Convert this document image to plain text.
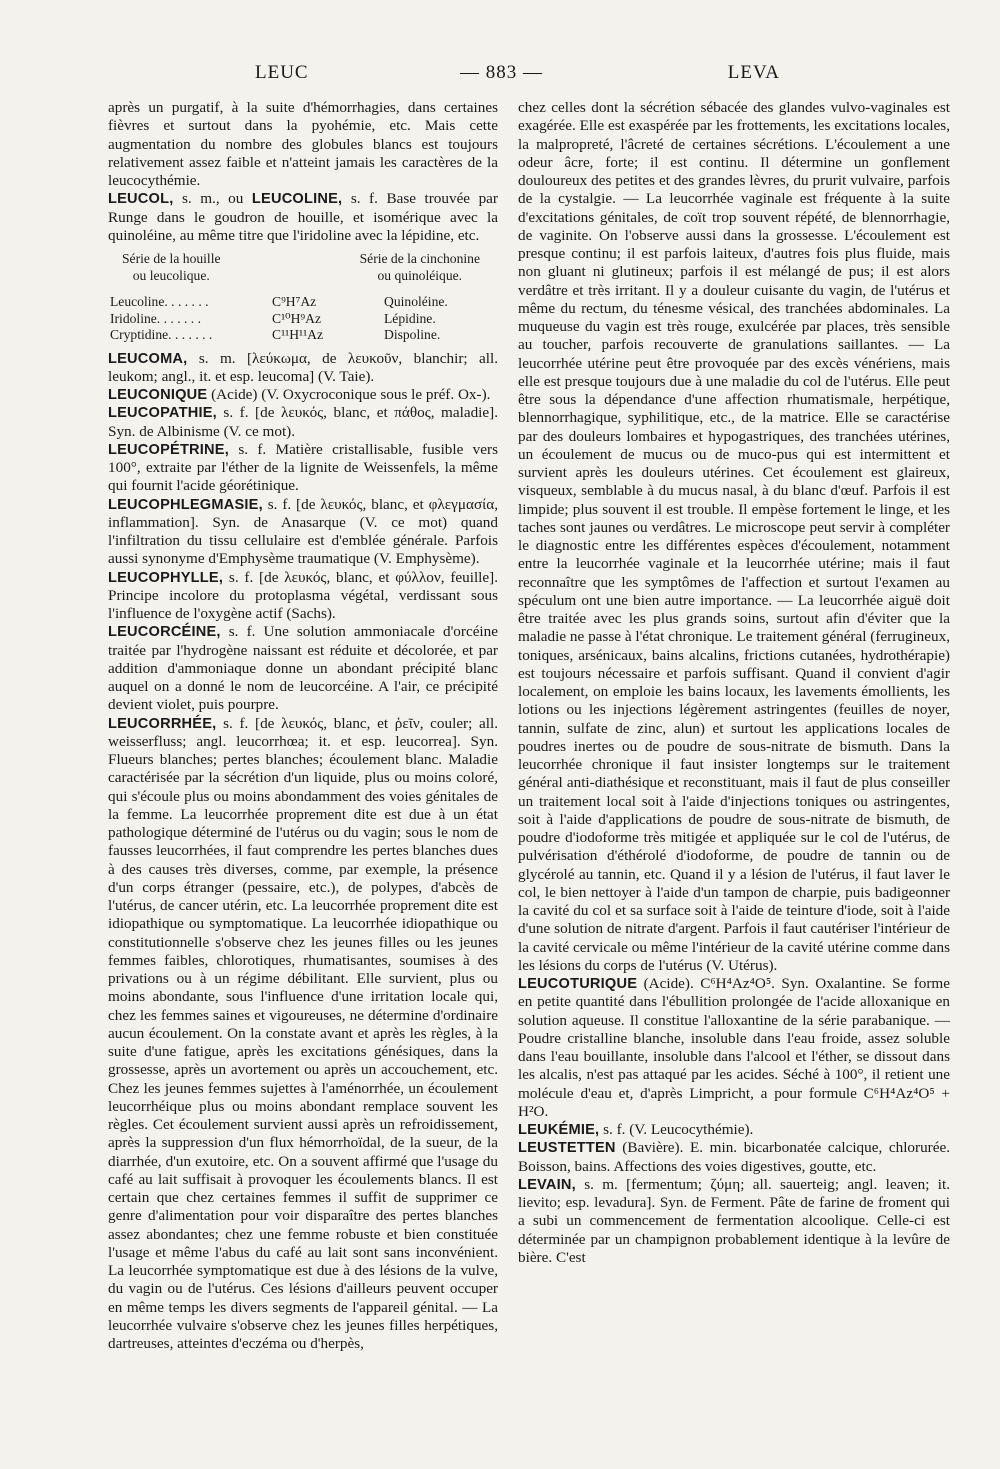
LEUC	— 883 —	LEVA

après un purgatif, à la suite d'hémorrhagies, dans certaines fièvres et surtout dans la pyohémie, etc. Mais cette augmentation du nombre des globules blancs est toujours relativement assez faible et n'atteint jamais les caractères de la leucocythémie.

LEUCOL, s. m., ou LEUCOLINE, s. f. Base trouvée par Runge dans le goudron de houille, et isomérique avec la quinoléine, au même titre que l'iridoline avec la lépidine, etc.

Série de la houille
ou leucolique.
Série de la cinchonine
ou quinoléique.
Leucoline. . . . . . .	C⁹H⁷Az	Quinoléine.
Iridoline. . . . . . .	C¹⁰H⁹Az	Lépidine.
Cryptidine. . . . . . .	C¹¹H¹¹Az	Dispoline.

LEUCOMA, s. m. [λεύκωμα, de λευκοῦν, blanchir; all. leukom; angl., it. et esp. leucoma] (V. Taie).

LEUCONIQUE (Acide) (V. Oxycroconique sous le préf. Ox-).

LEUCOPATHIE, s. f. [de λευκός, blanc, et πάθος, maladie]. Syn. de Albinisme (V. ce mot).

LEUCOPÉTRINE, s. f. Matière cristallisable, fusible vers 100°, extraite par l'éther de la lignite de Weissenfels, la même qui fournit l'acide géorétinique.

LEUCOPHLEGMASIE, s. f. [de λευκός, blanc, et φλεγμασία, inflammation]. Syn. de Anasarque (V. ce mot) quand l'infiltration du tissu cellulaire est d'emblée générale. Parfois aussi synonyme d'Emphysème traumatique (V. Emphysème).

LEUCOPHYLLE, s. f. [de λευκός, blanc, et φύλλον, feuille]. Principe incolore du protoplasma végétal, verdissant sous l'influence de l'oxygène actif (Sachs).

LEUCORCÉINE, s. f. Une solution ammoniacale d'orcéine traitée par l'hydrogène naissant est réduite et décolorée, et par addition d'ammoniaque donne un abondant précipité blanc auquel on a donné le nom de leucorcéine. A l'air, ce précipité devient violet, puis pourpre.

LEUCORRHÉE, s. f. [de λευκός, blanc, et ῥεῖν, couler; all. weisserfluss; angl. leucorrhœa; it. et esp. leucorrea]. Syn. Flueurs blanches; pertes blanches; écoulement blanc. Maladie caractérisée par la sécrétion d'un liquide, plus ou moins coloré, qui s'écoule plus ou moins abondamment des voies génitales de la femme. La leucorrhée proprement dite est due à un état pathologique déterminé de l'utérus ou du vagin; sous le nom de fausses leucorrhées, il faut comprendre les pertes blanches dues à des causes très diverses, comme, par exemple, la présence d'un corps étranger (pessaire, etc.), de polypes, d'abcès de l'utérus, de cancer utérin, etc. La leucorrhée proprement dite est idiopathique ou symptomatique. La leucorrhée idiopathique ou constitutionnelle s'observe chez les jeunes filles ou les jeunes femmes faibles, chlorotiques, rhumatisantes, soumises à des privations ou à un régime débilitant. Elle survient, plus ou moins abondante, sous l'influence d'une irritation locale qui, chez les femmes saines et vigoureuses, ne détermine d'ordinaire aucun écoulement. On la constate avant et après les règles, à la suite d'une fatigue, après les excitations génésiques, dans la grossesse, après un avortement ou après un accouchement, etc. Chez les jeunes femmes sujettes à l'aménorrhée, un écoulement leucorrhéique plus ou moins abondant remplace souvent les règles. Cet écoulement survient aussi après un refroidissement, après la suppression d'un flux hémorrhoïdal, de la sueur, de la diarrhée, d'un exutoire, etc. On a souvent affirmé que l'usage du café au lait suffisait à provoquer les écoulements blancs. Il est certain que chez certaines femmes il suffit de supprimer ce genre d'alimentation pour voir disparaître des pertes blanches assez abondantes; chez une femme robuste et bien constituée l'usage et même l'abus du café au lait sont sans inconvénient. La leucorrhée symptomatique est due à des lésions de la vulve, du vagin ou de l'utérus. Ces lésions d'ailleurs peuvent occuper en même temps les divers segments de l'appareil génital. — La leucorrhée vulvaire s'observe chez les jeunes filles herpétiques, dartreuses, atteintes d'eczéma ou d'herpès,

chez celles dont la sécrétion sébacée des glandes vulvo-vaginales est exagérée. Elle est exaspérée par les frottements, les excitations locales, la malpropreté, l'âcreté de certaines sécrétions. L'écoulement a une odeur âcre, forte; il est continu. Il détermine un gonflement douloureux des petites et des grandes lèvres, du prurit vulvaire, parfois de la cystalgie. — La leucorrhée vaginale est fréquente à la suite d'excitations génitales, de coït trop souvent répété, de blennorrhagie, de vaginite. On l'observe aussi dans la grossesse. L'écoulement est presque continu; il est parfois laiteux, d'autres fois plus fluide, mais non gluant ni glutineux; parfois il est mélangé de pus; il est alors verdâtre et très irritant. Il y a douleur cuisante du vagin, de l'utérus et même du rectum, du ténesme vésical, des tranchées abdominales. La muqueuse du vagin est très rouge, exulcérée par places, très sensible au toucher, parfois recouverte de granulations saillantes. — La leucorrhée utérine peut être provoquée par des excès vénériens, mais elle est presque toujours due à une maladie du col de l'utérus. Elle peut être sous la dépendance d'une affection rhumatismale, herpétique, blennorrhagique, syphilitique, etc., de la matrice. Elle se caractérise par des douleurs lombaires et hypogastriques, des tranchées utérines, un écoulement de mucus ou de muco-pus qui est intermittent et survient après les douleurs utérines. Cet écoulement est glaireux, visqueux, semblable à du mucus nasal, à du blanc d'œuf. Parfois il est limpide; plus souvent il est trouble. Il empèse fortement le linge, et les taches sont jaunes ou verdâtres. Le microscope peut servir à compléter le diagnostic entre les différentes espèces d'écoulement, notamment entre la leucorrhée vaginale et la leucorrhée utérine; mais il faut reconnaître que les symptômes de l'affection et surtout l'examen au spéculum ont une bien autre importance. — La leucorrhée aiguë doit être traitée avec les plus grands soins, surtout afin d'éviter que la maladie ne passe à l'état chronique. Le traitement général (ferrugineux, toniques, arsénicaux, bains alcalins, frictions cutanées, hydrothérapie) est toujours nécessaire et parfois suffisant. Quand il convient d'agir localement, on emploie les bains locaux, les lavements émollients, les lotions ou les injections légèrement astringentes (feuilles de noyer, tannin, sulfate de zinc, alun) et surtout les applications locales de poudres inertes ou de poudre de sous-nitrate de bismuth. Dans la leucorrhée chronique il faut insister longtemps sur le traitement général anti-diathésique et reconstituant, mais il faut de plus conseiller un traitement local soit à l'aide d'injections toniques ou astringentes, soit à l'aide d'applications de poudre de sous-nitrate de bismuth, de poudre d'iodoforme très mitigée et appliquée sur le col de l'utérus, de pulvérisation d'éthérolé d'iodoforme, de poudre de tannin ou de glycérolé au tannin, etc. Quand il y a lésion de l'utérus, il faut laver le col, le bien nettoyer à l'aide d'un tampon de charpie, puis badigeonner la cavité du col et sa surface soit à l'aide de teinture d'iode, soit à l'aide d'une solution de nitrate d'argent. Parfois il faut cautériser l'intérieur de la cavité cervicale ou même l'intérieur de la cavité utérine comme dans les lésions du corps de l'utérus (V. Utérus).

LEUCOTURIQUE (Acide). C⁶H⁴Az⁴O⁵. Syn. Oxalantine. Se forme en petite quantité dans l'ébullition prolongée de l'acide alloxanique en solution aqueuse. Il constitue l'alloxantine de la série parabanique. — Poudre cristalline blanche, insoluble dans l'eau froide, assez soluble dans l'eau bouillante, insoluble dans l'alcool et l'éther, se dissout dans les alcalis, n'est pas attaqué par les acides. Séché à 100°, il retient une molécule d'eau et, d'après Limpricht, a pour formule C⁶H⁴Az⁴O⁵ + H²O.

LEUKÉMIE, s. f. (V. Leucocythémie).

LEUSTETTEN (Bavière). E. min. bicarbonatée calcique, chlorurée. Boisson, bains. Affections des voies digestives, goutte, etc.

LEVAIN, s. m. [fermentum; ζύμη; all. sauerteig; angl. leaven; it. lievito; esp. levadura]. Syn. de Ferment. Pâte de farine de froment qui a subi un commencement de fermentation alcoolique. Celle-ci est déterminée par un champignon probablement identique à la levûre de bière. C'est
